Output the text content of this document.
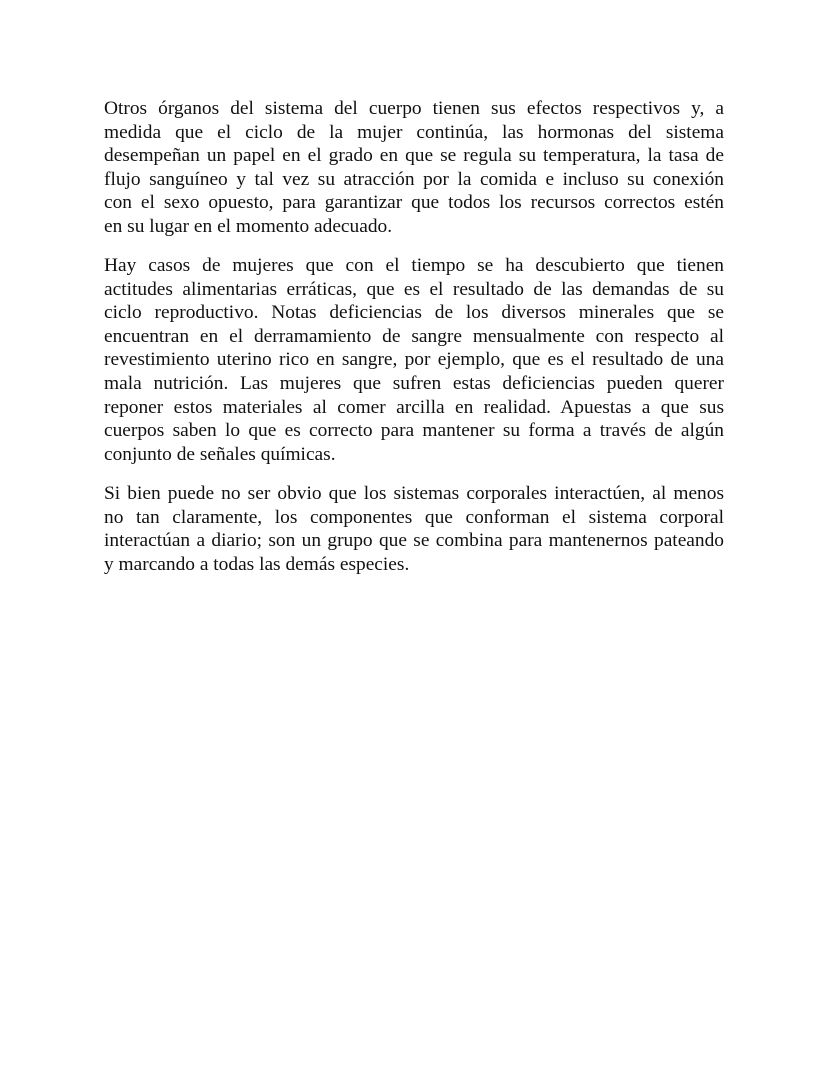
Otros órganos del sistema del cuerpo tienen sus efectos respectivos y, a
medida que el ciclo de la mujer continúa, las hormonas del sistema
desempeñan un papel en el grado en que se regula su temperatura, la tasa de
flujo sanguíneo y tal vez su atracción por la comida e incluso su conexión
con el sexo opuesto, para garantizar que todos los recursos correctos estén
en su lugar en el momento adecuado.
Hay casos de mujeres que con el tiempo se ha descubierto que tienen
actitudes alimentarias erráticas, que es el resultado de las demandas de su
ciclo reproductivo. Notas deficiencias de los diversos minerales que se
encuentran en el derramamiento de sangre mensualmente con respecto al
revestimiento uterino rico en sangre, por ejemplo, que es el resultado de una
mala nutrición. Las mujeres que sufren estas deficiencias pueden querer
reponer estos materiales al comer arcilla en realidad. Apuestas a que sus
cuerpos saben lo que es correcto para mantener su forma a través de algún
conjunto de señales químicas.
Si bien puede no ser obvio que los sistemas corporales interactúen, al menos
no tan claramente, los componentes que conforman el sistema corporal
interactúan a diario; son un grupo que se combina para mantenernos pateando
y marcando a todas las demás especies.
